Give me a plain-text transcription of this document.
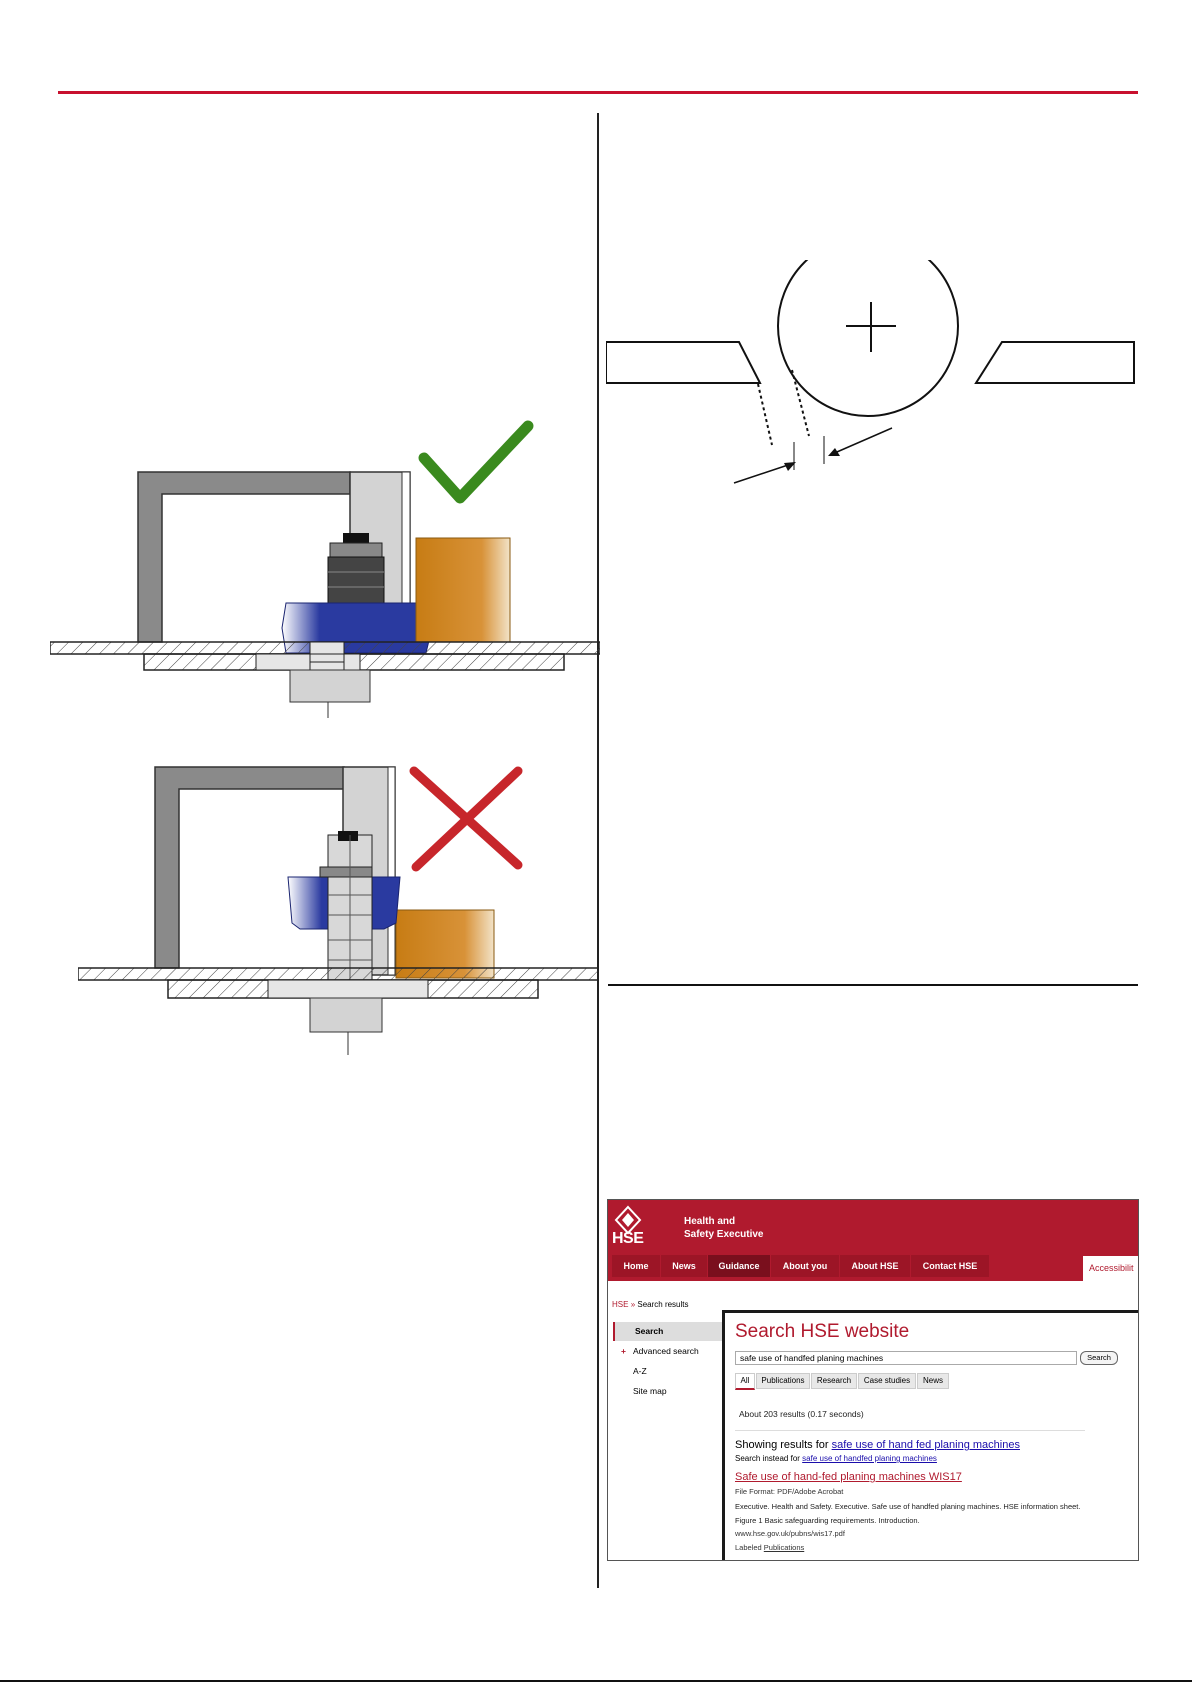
HSE
Health and Safety Executive
Home	News	Guidance	About you	About HSE	Contact HSE	Accessibilit
HSE » Search results
Search
+ Advanced search
A-Z
Site map
Search HSE website
safe use of handfed planing machines	Search
All	Publications	Research	Case studies	News
About 203 results (0.17 seconds)
Showing results for safe use of hand fed planing machines
Search instead for safe use of handfed planing machines
Safe use of hand-fed planing machines WIS17
File Format: PDF/Adobe Acrobat
Executive. Health and Safety. Executive. Safe use of handfed planing machines. HSE information sheet. Figure 1 Basic safeguarding requirements. Introduction.
www.hse.gov.uk/pubns/wis17.pdf
Labeled Publications
